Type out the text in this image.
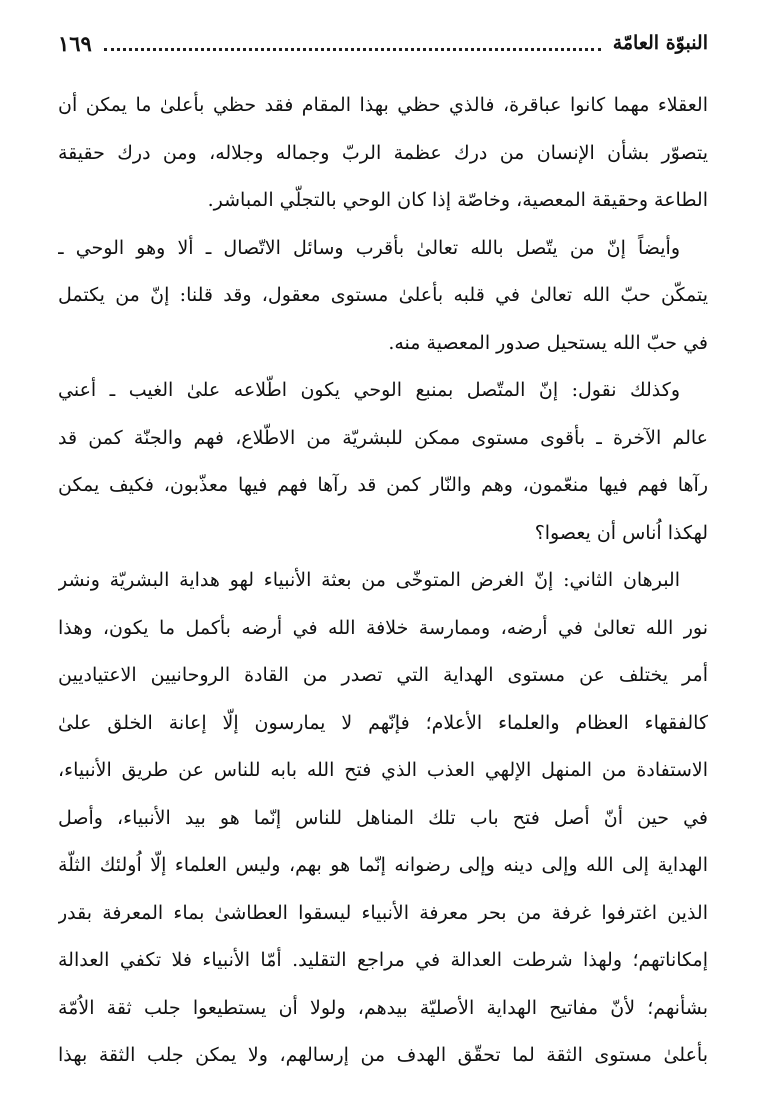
النبوّة العامّة
١٦٩
العقلاء مهما كانوا عباقرة، فالذي حظي بهذا المقام فقد حظي بأعلىٰ ما يمكن أن
يتصوّر بشأن الإنسان من درك عظمة الربّ وجماله وجلاله، ومن درك حقيقة
الطاعة وحقيقة المعصية، وخاصّة إذا كان الوحي بالتجلّي المباشر.
وأيضاً إنّ من يتّصل بالله تعالىٰ بأقرب وسائل الاتّصال ـ ألا وهو الوحي ـ
يتمكّن حبّ الله تعالىٰ في قلبه بأعلىٰ مستوى معقول، وقد قلنا: إنّ من يكتمل
في حبّ الله يستحيل صدور المعصية منه.
وكذلك نقول: إنّ المتّصل بمنبع الوحي يكون اطّلاعه علىٰ الغيب ـ أعني
عالم الآخرة ـ بأقوى مستوى ممكن للبشريّة من الاطّلاع، فهم والجنّة كمن قد
رآها فهم فيها منعّمون، وهم والنّار كمن قد رآها فهم فيها معذّبون، فكيف يمكن
لهكذا اُناس أن يعصوا؟
البرهان الثاني: إنّ الغرض المتوخّى من بعثة الأنبياء لهو هداية البشريّة ونشر
نور الله تعالىٰ في أرضه، وممارسة خلافة الله في أرضه بأكمل ما يكون، وهذا
أمر يختلف عن مستوى الهداية التي تصدر من القادة الروحانيين الاعتياديين
كالفقهاء العظام والعلماء الأعلام؛ فإنّهم لا يمارسون إلّا إعانة الخلق علىٰ
الاستفادة من المنهل الإلهي العذب الذي فتح الله بابه للناس عن طريق الأنبياء،
في حين أنّ أصل فتح باب تلك المناهل للناس إنّما هو بيد الأنبياء، وأصل
الهداية إلى الله وإلى دينه وإلى رضوانه إنّما هو بهم، وليس العلماء إلّا اُولئك الثلّة
الذين اغترفوا غرفة من بحر معرفة الأنبياء ليسقوا العطاشىٰ بماء المعرفة بقدر
إمكاناتهم؛ ولهذا شرطت العدالة في مراجع التقليد. أمّا الأنبياء فلا تكفي العدالة
بشأنهم؛ لأنّ مفاتيح الهداية الأصليّة بيدهم، ولولا أن يستطيعوا جلب ثقة الاُمّة
بأعلىٰ مستوى الثقة لما تحقّق الهدف من إرسالهم، ولا يمكن جلب الثقة بهذا
